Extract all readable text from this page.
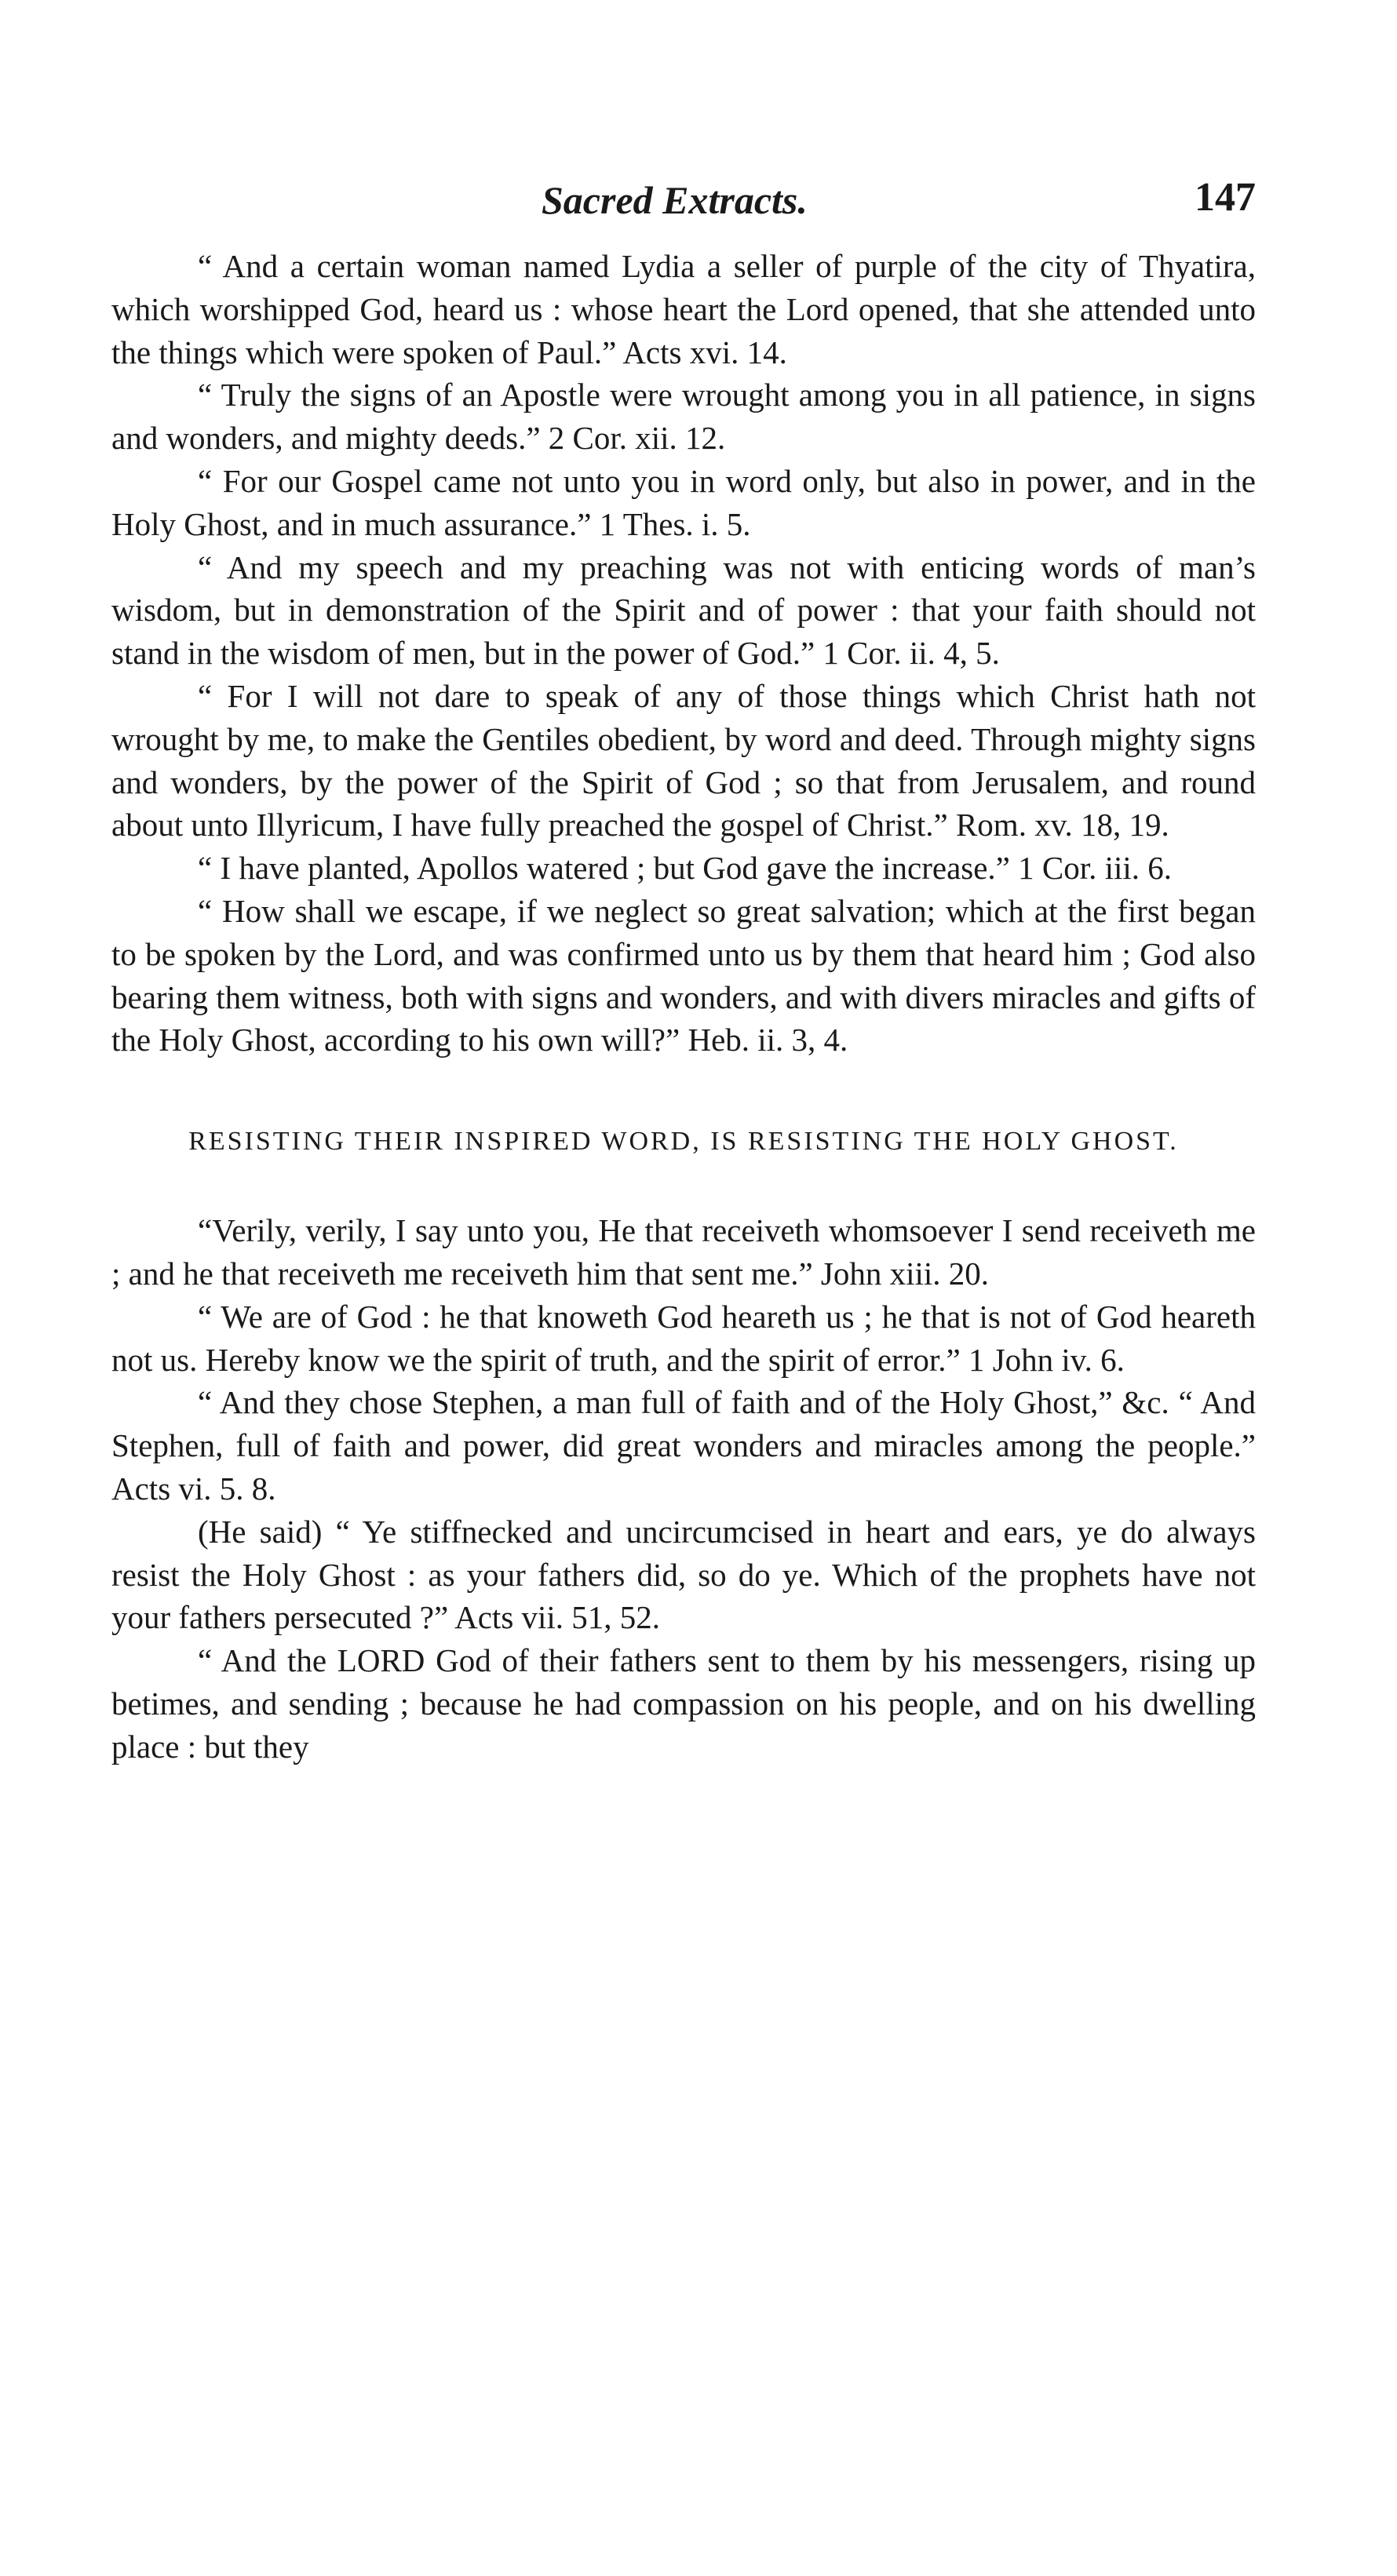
Sacred Extracts.	147

“ And a certain woman named Lydia a seller of purple of the city of Thyatira, which worshipped God, heard us : whose heart the Lord opened, that she attended unto the things which were spoken of Paul.” Acts xvi. 14.

“ Truly the signs of an Apostle were wrought among you in all patience, in signs and wonders, and mighty deeds.” 2 Cor. xii. 12.

“ For our Gospel came not unto you in word only, but also in power, and in the Holy Ghost, and in much assurance.” 1 Thes. i. 5.

“ And my speech and my preaching was not with enticing words of man’s wisdom, but in demonstration of the Spirit and of power : that your faith should not stand in the wisdom of men, but in the power of God.” 1 Cor. ii. 4, 5.

“ For I will not dare to speak of any of those things which Christ hath not wrought by me, to make the Gentiles obedient, by word and deed. Through mighty signs and wonders, by the power of the Spirit of God ; so that from Jerusalem, and round about unto Illyricum, I have fully preached the gospel of Christ.” Rom. xv. 18, 19.

“ I have planted, Apollos watered ; but God gave the increase.” 1 Cor. iii. 6.

“ How shall we escape, if we neglect so great salvation; which at the first began to be spoken by the Lord, and was confirmed unto us by them that heard him ; God also bearing them witness, both with signs and wonders, and with divers miracles and gifts of the Holy Ghost, according to his own will?” Heb. ii. 3, 4.

RESISTING THEIR INSPIRED WORD, IS RESISTING THE HOLY GHOST.

“Verily, verily, I say unto you, He that receiveth whomsoever I send receiveth me ; and he that receiveth me receiveth him that sent me.” John xiii. 20.

“ We are of God : he that knoweth God heareth us ; he that is not of God heareth not us. Hereby know we the spirit of truth, and the spirit of error.” 1 John iv. 6.

“ And they chose Stephen, a man full of faith and of the Holy Ghost,” &c. “ And Stephen, full of faith and power, did great wonders and miracles among the people.” Acts vi. 5. 8.

(He said) “ Ye stiffnecked and uncircumcised in heart and ears, ye do always resist the Holy Ghost : as your fathers did, so do ye. Which of the prophets have not your fathers persecuted ?” Acts vii. 51, 52.

“ And the LORD God of their fathers sent to them by his messengers, rising up betimes, and sending ; because he had compassion on his people, and on his dwelling place : but they
